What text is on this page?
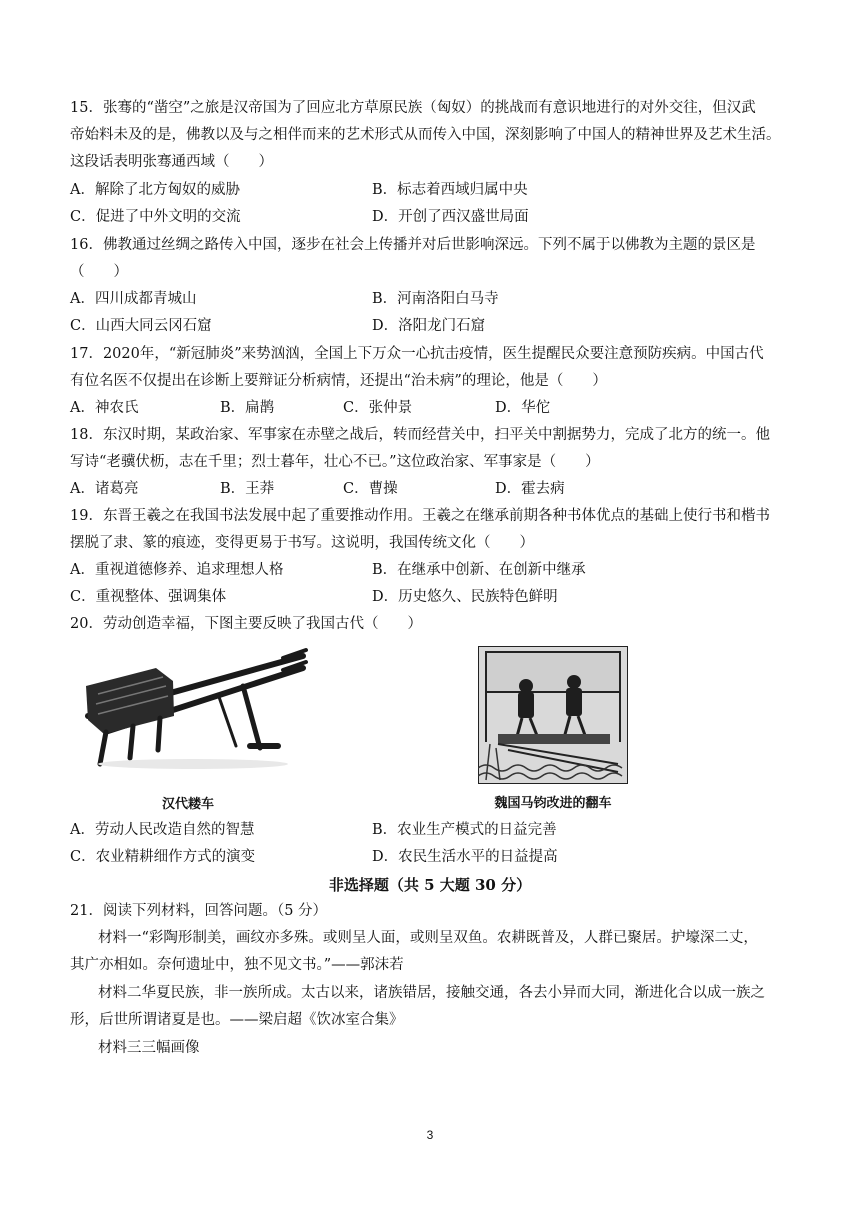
15．张骞的“凿空”之旅是汉帝国为了回应北方草原民族（匈奴）的挑战而有意识地进行的对外交往，但汉武
帝始料未及的是，佛教以及与之相伴而来的艺术形式从而传入中国，深刻影响了中国人的精神世界及艺术生活。
这段话表明张骞通西域（　　）
A．解除了北方匈奴的威胁	B．标志着西域归属中央
C．促进了中外文明的交流	D．开创了西汉盛世局面
16．佛教通过丝绸之路传入中国，逐步在社会上传播并对后世影响深远。下列不属于以佛教为主题的景区是
（　　）
A．四川成都青城山	B．河南洛阳白马寺
C．山西大同云冈石窟	D．洛阳龙门石窟
17．2020年，“新冠肺炎”来势汹汹，全国上下万众一心抗击疫情，医生提醒民众要注意预防疾病。中国古代
有位名医不仅提出在诊断上要辩证分析病情，还提出“治未病”的理论，他是（　　）
A．神农氏	B．扁鹊	C．张仲景	D．华佗
18．东汉时期，某政治家、军事家在赤壁之战后，转而经营关中，扫平关中割据势力，完成了北方的统一。他
写诗“老骥伏枥，志在千里；烈士暮年，壮心不已。”这位政治家、军事家是（　　）
A．诸葛亮	B．王莽	C．曹操	D．霍去病
19．东晋王羲之在我国书法发展中起了重要推动作用。王羲之在继承前期各种书体优点的基础上使行书和楷书
摆脱了隶、篆的痕迹，变得更易于书写。这说明，我国传统文化（　　）
A．重视道德修养、追求理想人格	B．在继承中创新、在创新中继承
C．重视整体、强调集体	D．历史悠久、民族特色鲜明
20．劳动创造幸福，下图主要反映了我国古代（　　）
汉代耧车	魏国马钧改进的翻车
A．劳动人民改造自然的智慧	B．农业生产模式的日益完善
C．农业精耕细作方式的演变	D．农民生活水平的日益提高
非选择题（共 5 大题 30 分）
21．阅读下列材料，回答问题。（5 分）
材料一“彩陶形制美，画纹亦多殊。或则呈人面，或则呈双鱼。农耕既普及，人群已聚居。护壕深二丈，
其广亦相如。奈何遗址中，独不见文书。”——郭沫若
材料二华夏民族，非一族所成。太古以来，诸族错居，接触交通，各去小异而大同，渐进化合以成一族之
形，后世所谓诸夏是也。——梁启超《饮冰室合集》
材料三三幅画像
3
